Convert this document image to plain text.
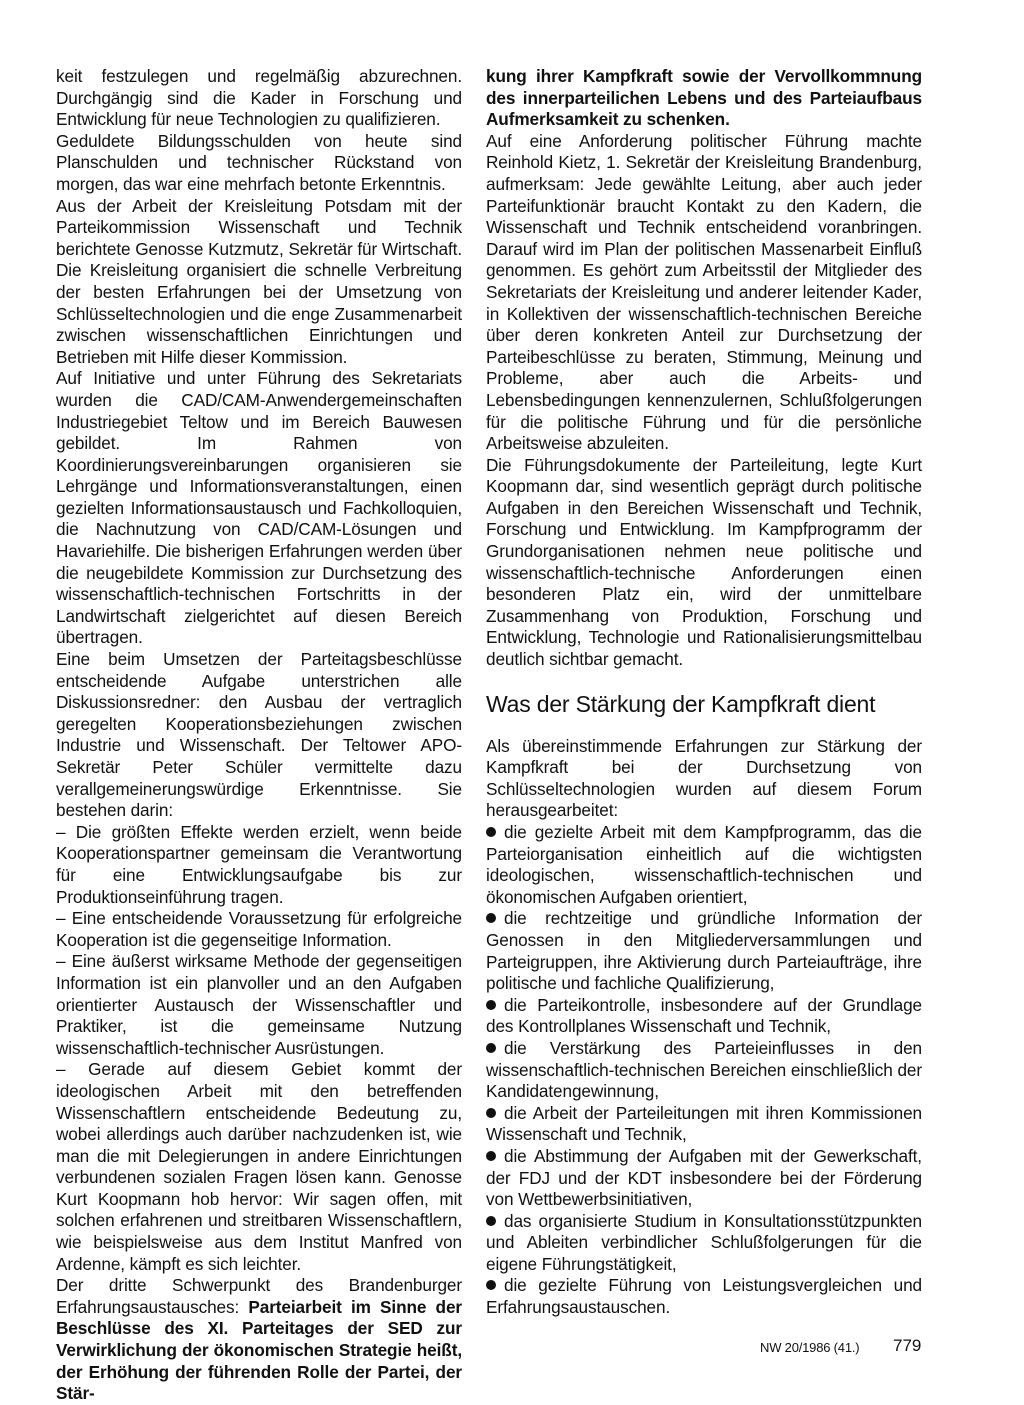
keit festzulegen und regelmäßig abzurechnen. Durchgängig sind die Kader in Forschung und Entwicklung für neue Technologien zu qualifizieren.

Geduldete Bildungsschulden von heute sind Planschulden und technischer Rückstand von morgen, das war eine mehrfach betonte Erkenntnis.

Aus der Arbeit der Kreisleitung Potsdam mit der Parteikommission Wissenschaft und Technik berichtete Genosse Kutzmutz, Sekretär für Wirtschaft. Die Kreisleitung organisiert die schnelle Verbreitung der besten Erfahrungen bei der Umsetzung von Schlüsseltechnologien und die enge Zusammenarbeit zwischen wissenschaftlichen Einrichtungen und Betrieben mit Hilfe dieser Kommission.

Auf Initiative und unter Führung des Sekretariats wurden die CAD/CAM-Anwendergemeinschaften Industriegebiet Teltow und im Bereich Bauwesen gebildet. Im Rahmen von Koordinierungsvereinbarungen organisieren sie Lehrgänge und Informationsveranstaltungen, einen gezielten Informationsaustausch und Fachkolloquien, die Nachnutzung von CAD/CAM-Lösungen und Havariehilfe. Die bisherigen Erfahrungen werden über die neugebildete Kommission zur Durchsetzung des wissenschaftlich-technischen Fortschritts in der Landwirtschaft zielgerichtet auf diesen Bereich übertragen.

Eine beim Umsetzen der Parteitagsbeschlüsse entscheidende Aufgabe unterstrichen alle Diskussionsredner: den Ausbau der vertraglich geregelten Kooperationsbeziehungen zwischen Industrie und Wissenschaft. Der Teltower APO-Sekretär Peter Schüler vermittelte dazu verallgemeinerungswürdige Erkenntnisse. Sie bestehen darin:

– Die größten Effekte werden erzielt, wenn beide Kooperationspartner gemeinsam die Verantwortung für eine Entwicklungsaufgabe bis zur Produktionseinführung tragen.

– Eine entscheidende Voraussetzung für erfolgreiche Kooperation ist die gegenseitige Information.

– Eine äußerst wirksame Methode der gegenseitigen Information ist ein planvoller und an den Aufgaben orientierter Austausch der Wissenschaftler und Praktiker, ist die gemeinsame Nutzung wissenschaftlich-technischer Ausrüstungen.

– Gerade auf diesem Gebiet kommt der ideologischen Arbeit mit den betreffenden Wissenschaftlern entscheidende Bedeutung zu, wobei allerdings auch darüber nachzudenken ist, wie man die mit Delegierungen in andere Einrichtungen verbundenen sozialen Fragen lösen kann. Genosse Kurt Koopmann hob hervor: Wir sagen offen, mit solchen erfahrenen und streitbaren Wissenschaftlern, wie beispielsweise aus dem Institut Manfred von Ardenne, kämpft es sich leichter.

Der dritte Schwerpunkt des Brandenburger Erfahrungsaustausches: Parteiarbeit im Sinne der Beschlüsse des XI. Parteitages der SED zur Verwirklichung der ökonomischen Strategie heißt, der Erhöhung der führenden Rolle der Partei, der Stär-

kung ihrer Kampfkraft sowie der Vervollkommnung des innerparteilichen Lebens und des Parteiaufbaus Aufmerksamkeit zu schenken.

Auf eine Anforderung politischer Führung machte Reinhold Kietz, 1. Sekretär der Kreisleitung Brandenburg, aufmerksam: Jede gewählte Leitung, aber auch jeder Parteifunktionär braucht Kontakt zu den Kadern, die Wissenschaft und Technik entscheidend voranbringen. Darauf wird im Plan der politischen Massenarbeit Einfluß genommen. Es gehört zum Arbeitsstil der Mitglieder des Sekretariats der Kreisleitung und anderer leitender Kader, in Kollektiven der wissenschaftlich-technischen Bereiche über deren konkreten Anteil zur Durchsetzung der Parteibeschlüsse zu beraten, Stimmung, Meinung und Probleme, aber auch die Arbeits- und Lebensbedingungen kennenzulernen, Schlußfolgerungen für die politische Führung und für die persönliche Arbeitsweise abzuleiten.

Die Führungsdokumente der Parteileitung, legte Kurt Koopmann dar, sind wesentlich geprägt durch politische Aufgaben in den Bereichen Wissenschaft und Technik, Forschung und Entwicklung. Im Kampfprogramm der Grundorganisationen nehmen neue politische und wissenschaftlich-technische Anforderungen einen besonderen Platz ein, wird der unmittelbare Zusammenhang von Produktion, Forschung und Entwicklung, Technologie und Rationalisierungsmittelbau deutlich sichtbar gemacht.

Was der Stärkung der Kampfkraft dient

Als übereinstimmende Erfahrungen zur Stärkung der Kampfkraft bei der Durchsetzung von Schlüsseltechnologien wurden auf diesem Forum herausgearbeitet:

die gezielte Arbeit mit dem Kampfprogramm, das die Parteiorganisation einheitlich auf die wichtigsten ideologischen, wissenschaftlich-technischen und ökonomischen Aufgaben orientiert,

die rechtzeitige und gründliche Information der Genossen in den Mitgliederversammlungen und Parteigruppen, ihre Aktivierung durch Parteiaufträge, ihre politische und fachliche Qualifizierung,

die Parteikontrolle, insbesondere auf der Grundlage des Kontrollplanes Wissenschaft und Technik,

die Verstärkung des Parteieinflusses in den wissenschaftlich-technischen Bereichen einschließlich der Kandidatengewinnung,

die Arbeit der Parteileitungen mit ihren Kommissionen Wissenschaft und Technik,

die Abstimmung der Aufgaben mit der Gewerkschaft, der FDJ und der KDT insbesondere bei der Förderung von Wettbewerbsinitiativen,

das organisierte Studium in Konsultationsstützpunkten und Ableiten verbindlicher Schlußfolgerungen für die eigene Führungstätigkeit,

die gezielte Führung von Leistungsvergleichen und Erfahrungsaustauschen.

NW 20/1986 (41.) 779
